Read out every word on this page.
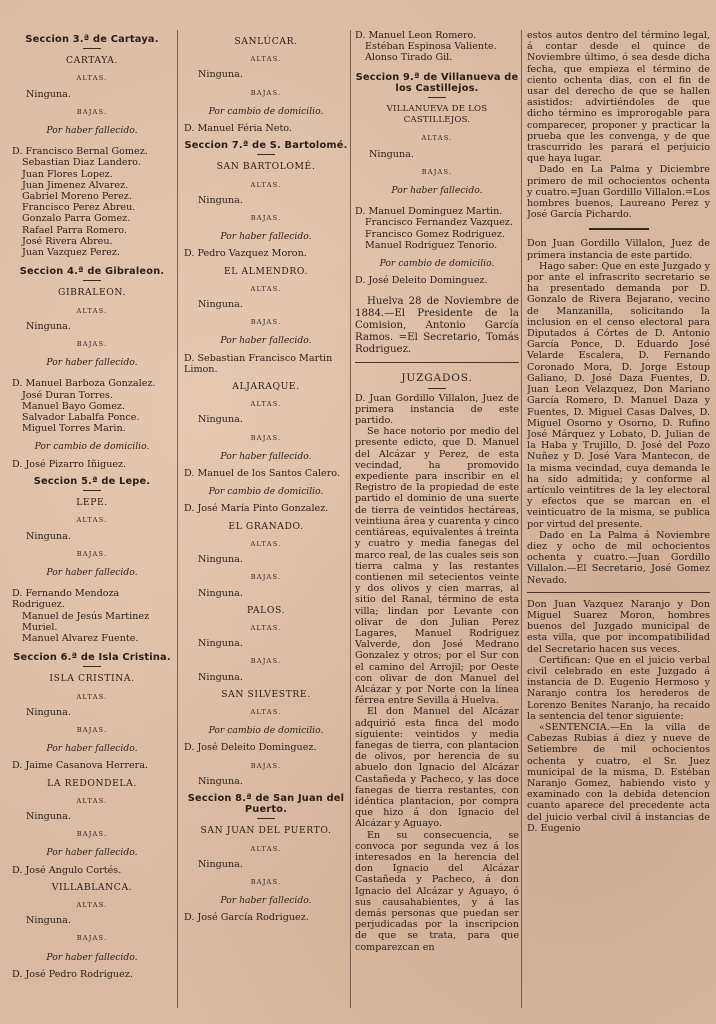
Seccion 3.ª de Cartaya.
CARTAYA.
ALTAS.
Ninguna.
BAJAS.
Por haber fallecido.
D. Francisco Bernal Gomez.
Sebastian Diaz Landero.
Juan Flores Lopez.
Juan Jimenez Alvarez.
Gabriel Moreno Perez.
Francisco Perez Abreu.
Gonzalo Parra Gomez.
Rafael Parra Romero.
José Rivera Abreu.
Juan Vazquez Perez.
Seccion 4.ª de Gibraleon.
GIBRALEON.
ALTAS.
Ninguna.
BAJAS.
Por haber fallecido.
D. Manuel Barboza Gonzalez.
José Duran Torres.
Manuel Bayo Gomez.
Salvador Labalfa Ponce.
Miguel Torres Marin.
Por cambio de domicilio.
D. José Pizarro Iñiguez.
Seccion 5.ª de Lepe.
LEPE.
ALTAS.
Ninguna.
BAJAS.
Por haber fallecido.
D. Fernando Mendoza Rodriguez.
Manuel de Jesús Martinez Muriel.
Manuel Alvarez Fuente.
Seccion 6.ª de Isla Cristina.
ISLA CRISTINA.
ALTAS.
Ninguna.
BAJAS.
Por haber fallecido.
D. Jaime Casanova Herrera.
LA REDONDELA.
ALTAS.
Ninguna.
BAJAS.
Por haber fallecido.
D. José Angulo Cortés.
VILLABLANCA.
ALTAS.
Ninguna.
BAJAS.
Por haber fallecido.
D. José Pedro Rodriguez.
SANLÚCAR.
ALTAS.
Ninguna.
BAJAS.
Por cambio de domicilio.
D. Manuel Féria Neto.
Seccion 7.ª de S. Bartolomé.
SAN BARTOLOMÉ.
ALTAS.
Ninguna.
BAJAS.
Por haber fallecido.
D. Pedro Vazquez Moron.
EL ALMENDRO.
ALTAS.
Ninguna.
BAJAS.
Por haber fallecido.
D. Sebastian Francisco Martin Limon.
ALJARAQUE.
ALTAS.
Ninguna.
BAJAS.
Por haber fallecido.
D. Manuel de los Santos Calero.
Por cambio de domicilio.
D. José María Pinto Gonzalez.
EL GRANADO.
ALTAS.
Ninguna.
BAJAS.
Ninguna.
PALOS.
ALTAS.
Ninguna.
BAJAS.
Ninguna.
SAN SILVESTRE.
ALTAS.
Por cambio de domicilio.
D. José Deleito Dominguez.
BAJAS.
Ninguna.
Seccion 8.ª de San Juan del Puerto.
SAN JUAN DEL PUERTO.
ALTAS.
Ninguna.
BAJAS.
Por haber fallecido.
D. José García Rodriguez.
D. Manuel Leon Romero.
Estéban Espinosa Valiente.
Alonso Tirado Gil.
Seccion 9.ª de Villanueva de los Castillejos.
VILLANUEVA DE LOS CASTILLEJOS.
ALTAS.
Ninguna.
BAJAS.
Por haber fallecido.
D. Manuel Dominguez Martin.
Francisco Fernandez Vazquez.
Francisco Gomez Rodriguez.
Manuel Rodriguez Tenorio.
Por cambio de domicilio.
D. José Deleito Dominguez.

Huelva 28 de Noviembre de 1884.—El Presidente de la Comision, Antonio García Ramos. =El Secretario, Tomás Rodriguez.

JUZGADOS.

D. Juan Gordillo Villalon, Juez de primera instancia de este partido.

Se hace notorio por medio del presente edicto, que D. Manuel del Alcázar y Perez, de esta vecindad, ha promovido expediente para inscribir en el Registro de la propiedad de este partido el dominio de una suerte de tierra de veintidos hectáreas, veintiuna área y cuarenta y cinco centiáreas, equivalentes á treinta y cuatro y media fanegas del marco real, de las cuales seis son tierra calma y las restantes contienen mil setecientos veinte y dos olivos y cien marras, al sitio del Ranal, término de esta villa; lindan por Levante con olivar de don Julian Perez Lagares, Manuel Rodriguez Valverde, don José Medrano Gonzalez y otros; por el Sur con el camino del Arrojil; por Oeste con olivar de don Manuel del Alcázar y por Norte con la línea férrea entre Sevilla á Huelva.

El don Manuel del Alcázar adquirió esta finca del modo siguiente: veintidos y media fanegas de tierra, con plantacion de olivos, por herencia de su abuelo don Ignacio del Alcázar Castañeda y Pacheco, y las doce fanegas de tierra restantes, con idéntica plantacion, por compra que hizo á don Ignacio del Alcázar y Aguayo.

En su consecuencia, se convoca por segunda vez á los interesados en la herencia del don Ignacio del Alcázar Castañeda y Pacheco, á don Ignacio del Alcázar y Aguayo, ó sus causahabientes, y á las demás personas que puedan ser perjudicadas por la inscripcion de que se trata, para que comparezcan en

estos autos dentro del término legal, á contar desde el quince de Noviembre último, ó sea desde dicha fecha, que empieza el término de ciento ochenta dias, con el fin de usar del derecho de que se hallen asistidos: advirtiéndoles de que dicho término es improrogable para comparecer, proponer y practicar la prueba que les convenga, y de que trascurrido les parará el perjuicio que haya lugar.

Dado en La Palma y Diciembre primero de mil ochocientos ochenta y cuatro.=Juan Gordillo Villalon.=Los hombres buenos, Laureano Perez y José García Pichardo.

Don Juan Gordillo Villalon, Juez de primera instancia de este partido.

Hago saber: Que en este Juzgado y por ante el infrascrito secretario se ha presentado demanda por D. Gonzalo de Rivera Bejarano, vecino de Manzanilla, solicitando la inclusion en el censo electoral para Diputados á Córtes de D. Antonio García Ponce, D. Eduardo José Velarde Escalera, D. Fernando Coronado Mora, D. Jorge Estoup Galiano, D. José Daza Fuentes, D. Juan Leon Velazquez, Don Mariano García Romero, D. Manuel Daza y Fuentes, D. Miguel Casas Dalves, D. Miguel Osorno y Osorno, D. Rufino José Márquez y Lobato, D. Julian de la Haba y Trujillo, D. José del Pozo Nuñez y D. José Vara Mantecon, de la misma vecindad, cuya demanda le ha sido admitida; y conforme al artículo veintitres de la ley electoral y efectos que se marcan en el veinticuatro de la misma, se publica por virtud del presente.

Dado en La Palma á Noviembre diez y ocho de mil ochocientos ochenta y cuatro.—Juan Gordillo Villalon.—El Secretario, José Gomez Nevado.

Don Juan Vazquez Naranjo y Don Miguel Suarez Moron, hombres buenos del Juzgado municipal de esta villa, que por incompatibilidad del Secretario hacen sus veces.

Certifican: Que en el juicio verbal civil celebrado en este Juzgado á instancia de D. Eugenio Hermoso y Naranjo contra los herederos de Lorenzo Benites Naranjo, ha recaido la sentencia del tenor siguiente:

«SENTENCIA.—En la villa de Cabezas Rubias á diez y nueve de Setiembre de mil ochocientos ochenta y cuatro, el Sr. Juez municipal de la misma, D. Estéban Naranjo Gomez, habiendo visto y examinado con la debida detencion cuanto aparece del precedente acta del juicio verbal civil á instancias de D. Eugenio
